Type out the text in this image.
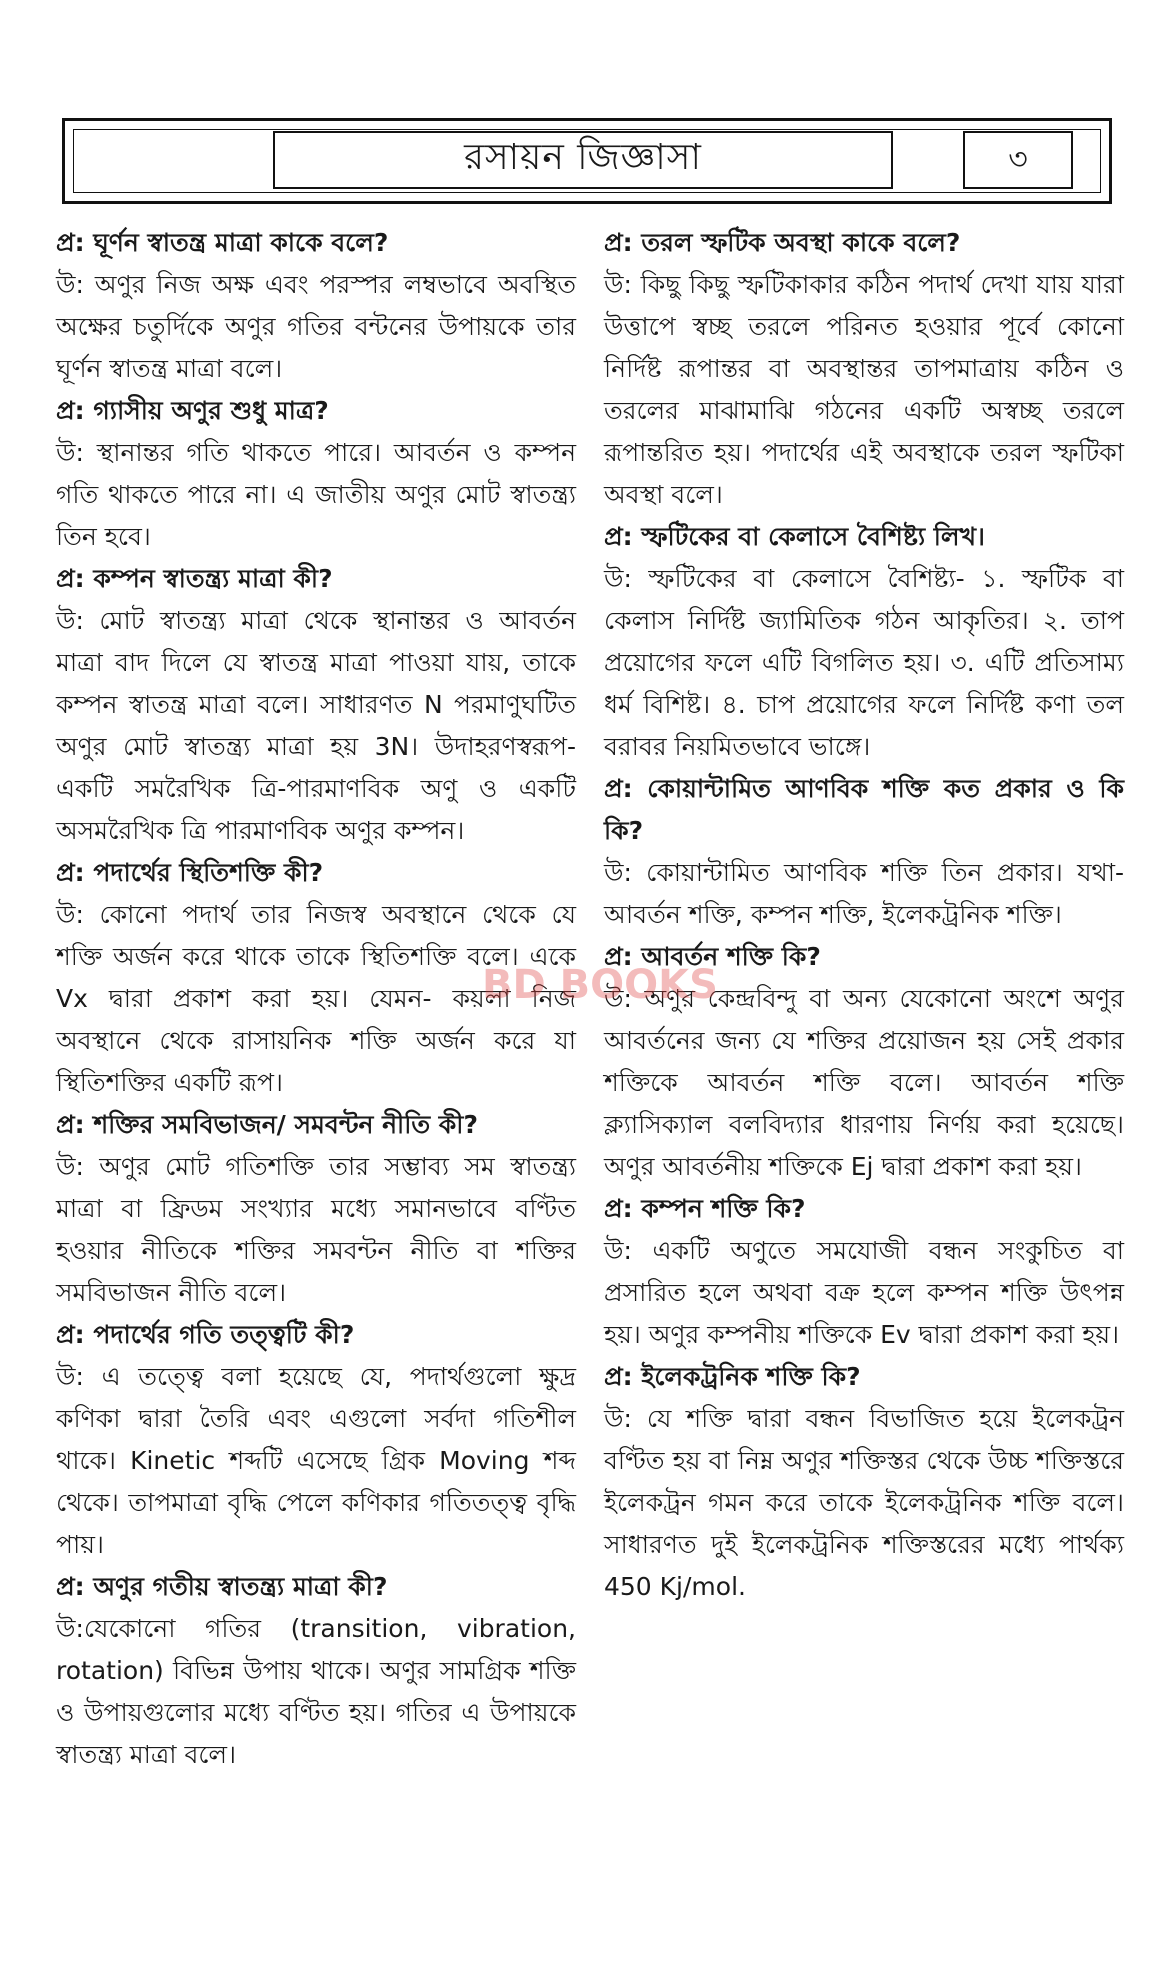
রসায়ন জিজ্ঞাসা	৩

প্র: ঘূর্ণন স্বাতন্ত্র মাত্রা কাকে বলে?
উ: অণুর নিজ অক্ষ এবং পরস্পর লম্বভাবে অবস্থিত অক্ষের চতুর্দিকে অণুর গতির বন্টনের উপায়কে তার ঘূর্ণন স্বাতন্ত্র মাত্রা বলে।

প্র: গ্যাসীয় অণুর শুধু মাত্র?
উ: স্থানান্তর গতি থাকতে পারে। আবর্তন ও কম্পন গতি থাকতে পারে না। এ জাতীয় অণুর মোট স্বাতন্ত্র্য তিন হবে।

প্র: কম্পন স্বাতন্ত্র্য মাত্রা কী?
উ: মোট স্বাতন্ত্র্য মাত্রা থেকে স্থানান্তর ও আবর্তন মাত্রা বাদ দিলে যে স্বাতন্ত্র মাত্রা পাওয়া যায়, তাকে কম্পন স্বাতন্ত্র মাত্রা বলে। সাধারণত N পরমাণুঘটিত অণুর মোট স্বাতন্ত্র্য মাত্রা হয় 3N। উদাহরণস্বরূপ- একটি সমরৈখিক ত্রি-পারমাণবিক অণু ও একটি অসমরৈখিক ত্রি পারমাণবিক অণুর কম্পন।

প্র: পদার্থের স্থিতিশক্তি কী?
উ: কোনো পদার্থ তার নিজস্ব অবস্থানে থেকে যে শক্তি অর্জন করে থাকে তাকে স্থিতিশক্তি বলে। একে Vx দ্বারা প্রকাশ করা হয়। যেমন- কয়লা নিজ অবস্থানে থেকে রাসায়নিক শক্তি অর্জন করে যা স্থিতিশক্তির একটি রূপ।

প্র: শক্তির সমবিভাজন/ সমবন্টন নীতি কী?
উ: অণুর মোট গতিশক্তি তার সম্ভাব্য সম স্বাতন্ত্র্য মাত্রা বা ফ্রিডম সংখ্যার মধ্যে সমানভাবে বণ্টিত হওয়ার নীতিকে শক্তির সমবন্টন নীতি বা শক্তির সমবিভাজন নীতি বলে।

প্র: পদার্থের গতি তত্ত্বটি কী?
উ: এ তত্ত্বে বলা হয়েছে যে, পদার্থগুলো ক্ষুদ্র কণিকা দ্বারা তৈরি এবং এগুলো সর্বদা গতিশীল থাকে। Kinetic শব্দটি এসেছে গ্রিক Moving শব্দ থেকে। তাপমাত্রা বৃদ্ধি পেলে কণিকার গতিতত্ত্ব বৃদ্ধি পায়।

প্র: অণুর গতীয় স্বাতন্ত্র্য মাত্রা কী?
উ:যেকোনো গতির (transition, vibration, rotation) বিভিন্ন উপায় থাকে। অণুর সামগ্রিক শক্তি ও উপায়গুলোর মধ্যে বণ্টিত হয়। গতির এ উপায়কে স্বাতন্ত্র্য মাত্রা বলে।

প্র: তরল স্ফটিক অবস্থা কাকে বলে?
উ: কিছু কিছু স্ফটিকাকার কঠিন পদার্থ দেখা যায় যারা উত্তাপে স্বচ্ছ তরলে পরিনত হওয়ার পূর্বে কোনো নির্দিষ্ট রূপান্তর বা অবস্থান্তর তাপমাত্রায় কঠিন ও তরলের মাঝামাঝি গঠনের একটি অস্বচ্ছ তরলে রূপান্তরিত হয়। পদার্থের এই অবস্থাকে তরল স্ফটিকা অবস্থা বলে।

প্র: স্ফটিকের বা কেলাসে বৈশিষ্ট্য লিখ।
উ: স্ফটিকের বা কেলাসে বৈশিষ্ট্য- ১. স্ফটিক বা কেলাস নির্দিষ্ট জ্যামিতিক গঠন আকৃতির। ২. তাপ প্রয়োগের ফলে এটি বিগলিত হয়। ৩. এটি প্রতিসাম্য ধর্ম বিশিষ্ট। ৪. চাপ প্রয়োগের ফলে নির্দিষ্ট কণা তল বরাবর নিয়মিতভাবে ভাঙ্গে।

প্র: কোয়ান্টামিত আণবিক শক্তি কত প্রকার ও কি কি?
উ: কোয়ান্টামিত আণবিক শক্তি তিন প্রকার। যথা- আবর্তন শক্তি, কম্পন শক্তি, ইলেকট্রনিক শক্তি।

প্র: আবর্তন শক্তি কি?
উ: অণুর কেন্দ্রবিন্দু বা অন্য যেকোনো অংশে অণুর আবর্তনের জন্য যে শক্তির প্রয়োজন হয় সেই প্রকার শক্তিকে আবর্তন শক্তি বলে। আবর্তন শক্তি ক্ল্যাসিক্যাল বলবিদ্যার ধারণায় নির্ণয় করা হয়েছে। অণুর আবর্তনীয় শক্তিকে Ej দ্বারা প্রকাশ করা হয়।

প্র: কম্পন শক্তি কি?
উ: একটি অণুতে সমযোজী বন্ধন সংকুচিত বা প্রসারিত হলে অথবা বক্র হলে কম্পন শক্তি উৎপন্ন হয়। অণুর কম্পনীয় শক্তিকে Ev দ্বারা প্রকাশ করা হয়।

প্র: ইলেকট্রনিক শক্তি কি?
উ: যে শক্তি দ্বারা বন্ধন বিভাজিত হয়ে ইলেকট্রন বণ্টিত হয় বা নিম্ন অণুর শক্তিস্তর থেকে উচ্চ শক্তিস্তরে ইলেকট্রন গমন করে তাকে ইলেকট্রনিক শক্তি বলে। সাধারণত দুই ইলেকট্রনিক শক্তিস্তরের মধ্যে পার্থক্য 450 Kj/mol.

BD BOOKS
